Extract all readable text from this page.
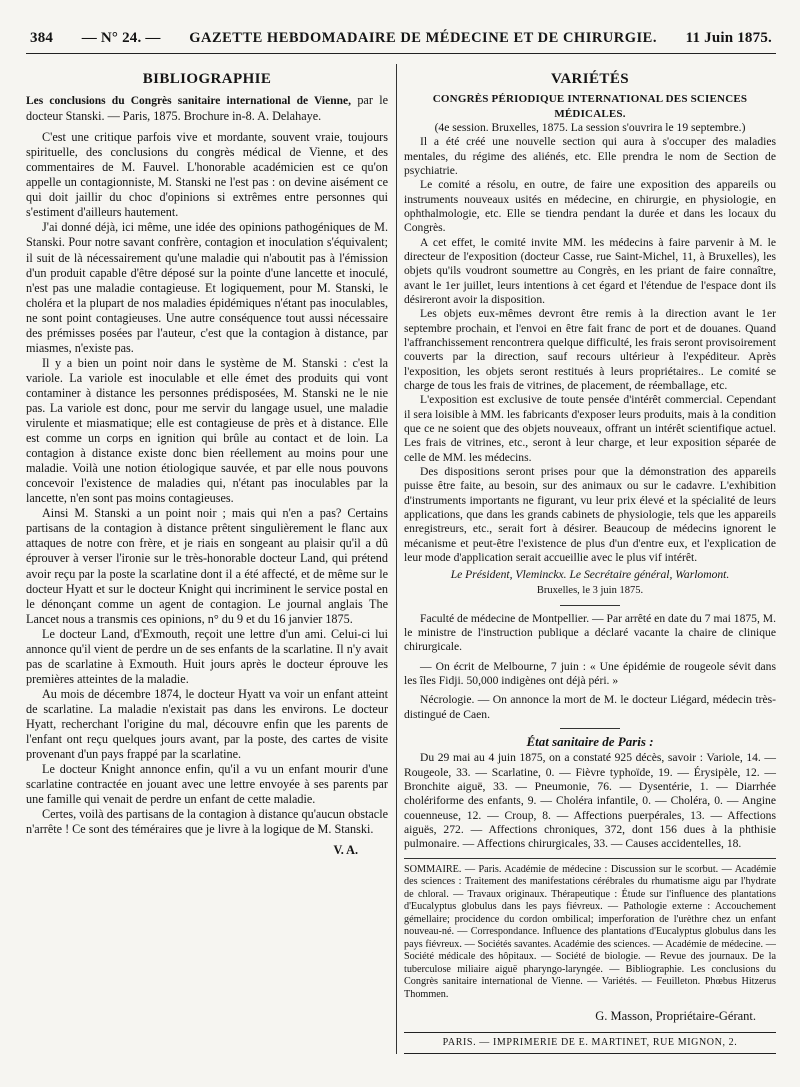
384 — N° 24. — GAZETTE HEBDOMADAIRE DE MÉDECINE ET DE CHIRURGIE. 11 Juin 1875.
BIBLIOGRAPHIE

Les conclusions du Congrès sanitaire international de Vienne, par le docteur Stanski. — Paris, 1875. Brochure in-8. A. Delahaye.

C'est une critique parfois vive et mordante, souvent vraie, toujours spirituelle, des conclusions du congrès médical de Vienne, et des commentaires de M. Fauvel. L'honorable académicien est ce qu'on appelle un contagionniste, M. Stanski ne l'est pas : on devine aisément ce qui doit jaillir du choc d'opinions si extrêmes entre personnes qui s'estiment d'ailleurs hautement.

J'ai donné déjà, ici même, une idée des opinions pathogéniques de M. Stanski. Pour notre savant confrère, contagion et inoculation s'équivalent; il suit de là nécessairement qu'une maladie qui n'aboutit pas à l'émission d'un produit capable d'être déposé sur la pointe d'une lancette et inoculé, n'est pas une maladie contagieuse. Et logiquement, pour M. Stanski, le choléra et la plupart de nos maladies épidémiques n'étant pas inoculables, ne sont point contagieuses. Une autre conséquence tout aussi nécessaire des prémisses posées par l'auteur, c'est que la contagion à distance, par miasmes, n'existe pas.

Il y a bien un point noir dans le système de M. Stanski : c'est la variole. La variole est inoculable et elle émet des produits qui vont contaminer à distance les personnes prédisposées, M. Stanski ne le nie pas. La variole est donc, pour me servir du langage usuel, une maladie virulente et miasmatique; elle est contagieuse de près et à distance. Elle est comme un corps en ignition qui brûle au contact et de loin. La contagion à distance existe donc bien réellement au moins pour une maladie. Voilà une notion étiologique sauvée, et par elle nous pouvons concevoir l'existence de maladies qui, n'étant pas inoculables par la lancette, n'en sont pas moins contagieuses.

Ainsi M. Stanski a un point noir ; mais qui n'en a pas? Certains partisans de la contagion à distance prêtent singulièrement le flanc aux attaques de notre con frère, et je riais en songeant au plaisir qu'il a dû éprouver à verser l'ironie sur le très-honorable docteur Land, qui prétend avoir reçu par la poste la scarlatine dont il a été affecté, et de même sur le docteur Hyatt et sur le docteur Knight qui incriminent le service postal en le dénonçant comme un agent de contagion. Le journal anglais The Lancet nous a transmis ces opinions, n° du 9 et du 16 janvier 1875.

Le docteur Land, d'Exmouth, reçoit une lettre d'un ami. Celui-ci lui annonce qu'il vient de perdre un de ses enfants de la scarlatine. Il n'y avait pas de scarlatine à Exmouth. Huit jours après le docteur éprouve les premières atteintes de la maladie.

Au mois de décembre 1874, le docteur Hyatt va voir un enfant atteint de scarlatine. La maladie n'existait pas dans les environs. Le docteur Hyatt, recherchant l'origine du mal, découvre enfin que les parents de l'enfant ont reçu quelques jours avant, par la poste, des cartes de visite provenant d'un pays frappé par la scarlatine.

Le docteur Knight annonce enfin, qu'il a vu un enfant mourir d'une scarlatine contractée en jouant avec une lettre envoyée à ses parents par une famille qui venait de perdre un enfant de cette maladie.

Certes, voilà des partisans de la contagion à distance qu'aucun obstacle n'arrête ! Ce sont des téméraires que je livre à la logique de M. Stanski.

V. A.

VARIÉTÉS

CONGRÈS PÉRIODIQUE INTERNATIONAL DES SCIENCES MÉDICALES.

(4e session. Bruxelles, 1875. La session s'ouvrira le 19 septembre.)

Il a été créé une nouvelle section qui aura à s'occuper des maladies mentales, du régime des aliénés, etc. Elle prendra le nom de Section de psychiatrie.

Le comité a résolu, en outre, de faire une exposition des appareils ou instruments nouveaux usités en médecine, en chirurgie, en physiologie, en ophthalmologie, etc. Elle se tiendra pendant la durée et dans les locaux du Congrès.

A cet effet, le comité invite MM. les médecins à faire parvenir à M. le directeur de l'exposition (docteur Casse, rue Saint-Michel, 11, à Bruxelles), les objets qu'ils voudront soumettre au Congrès, en les priant de faire connaître, avant le 1er juillet, leurs intentions à cet égard et l'étendue de l'espace dont ils désireront avoir la disposition.

Les objets eux-mêmes devront être remis à la direction avant le 1er septembre prochain, et l'envoi en être fait franc de port et de douanes. Quand l'affranchissement rencontrera quelque difficulté, les frais seront provisoirement couverts par la direction, sauf recours ultérieur à l'expéditeur. Après l'exposition, les objets seront restitués à leurs propriétaires.. Le comité se charge de tous les frais de vitrines, de placement, de réemballage, etc.

L'exposition est exclusive de toute pensée d'intérêt commercial. Cependant il sera loisible à MM. les fabricants d'exposer leurs produits, mais à la condition que ce ne soient que des objets nouveaux, offrant un intérêt scientifique actuel. Les frais de vitrines, etc., seront à leur charge, et leur exposition séparée de celle de MM. les médecins.

Des dispositions seront prises pour que la démonstration des appareils puisse être faite, au besoin, sur des animaux ou sur le cadavre. L'exhibition d'instruments importants ne figurant, vu leur prix élevé et la spécialité de leurs applications, que dans les grands cabinets de physiologie, tels que les appareils enregistreurs, etc., serait fort à désirer. Beaucoup de médecins ignorent le mécanisme et peut-être l'existence de plus d'un d'entre eux, et l'explication de leur mode d'application serait accueillie avec le plus vif intérêt.

Le Président, Vleminckx. Le Secrétaire général, Warlomont.

Bruxelles, le 3 juin 1875.

Faculté de médecine de Montpellier. — Par arrêté en date du 7 mai 1875, M. le ministre de l'instruction publique a déclaré vacante la chaire de clinique chirurgicale.

— On écrit de Melbourne, 7 juin : « Une épidémie de rougeole sévit dans les îles Fidji. 50,000 indigènes ont déjà péri. »

Nécrologie. — On annonce la mort de M. le docteur Liégard, médecin très-distingué de Caen.

État sanitaire de Paris :

Du 29 mai au 4 juin 1875, on a constaté 925 décès, savoir : Variole, 14. — Rougeole, 33. — Scarlatine, 0. — Fièvre typhoïde, 19. — Érysipèle, 12. — Bronchite aiguë, 33. — Pneumonie, 76. — Dysentérie, 1. — Diarrhée cholériforme des enfants, 9. — Choléra infantile, 0. — Choléra, 0. — Angine couenneuse, 12. — Croup, 8. — Affections puerpérales, 13. — Affections aiguës, 272. — Affections chroniques, 372, dont 156 dues à la phthisie pulmonaire. — Affections chirurgicales, 33. — Causes accidentelles, 18.

SOMMAIRE. — Paris. Académie de médecine : Discussion sur le scorbut. — Académie des sciences : Traitement des manifestations cérébrales du rhumatisme aigu par l'hydrate de chloral. — Travaux originaux. Thérapeutique : Étude sur l'influence des plantations d'Eucalyptus globulus dans les pays fiévreux. — Pathologie externe : Accouchement gémellaire; procidence du cordon ombilical; imperforation de l'urèthre chez un enfant nouveau-né. — Correspondance. Influence des plantations d'Eucalyptus globulus dans les pays fiévreux. — Sociétés savantes. Académie des sciences. — Académie de médecine. — Société médicale des hôpitaux. — Société de biologie. — Revue des journaux. De la tuberculose miliaire aiguë pharyngo-laryngée. — Bibliographie. Les conclusions du Congrès sanitaire international de Vienne. — Variétés. — Feuilleton. Phœbus Hitzerus Thommen.

G. Masson, Propriétaire-Gérant.

PARIS. — IMPRIMERIE DE E. MARTINET, RUE MIGNON, 2.
